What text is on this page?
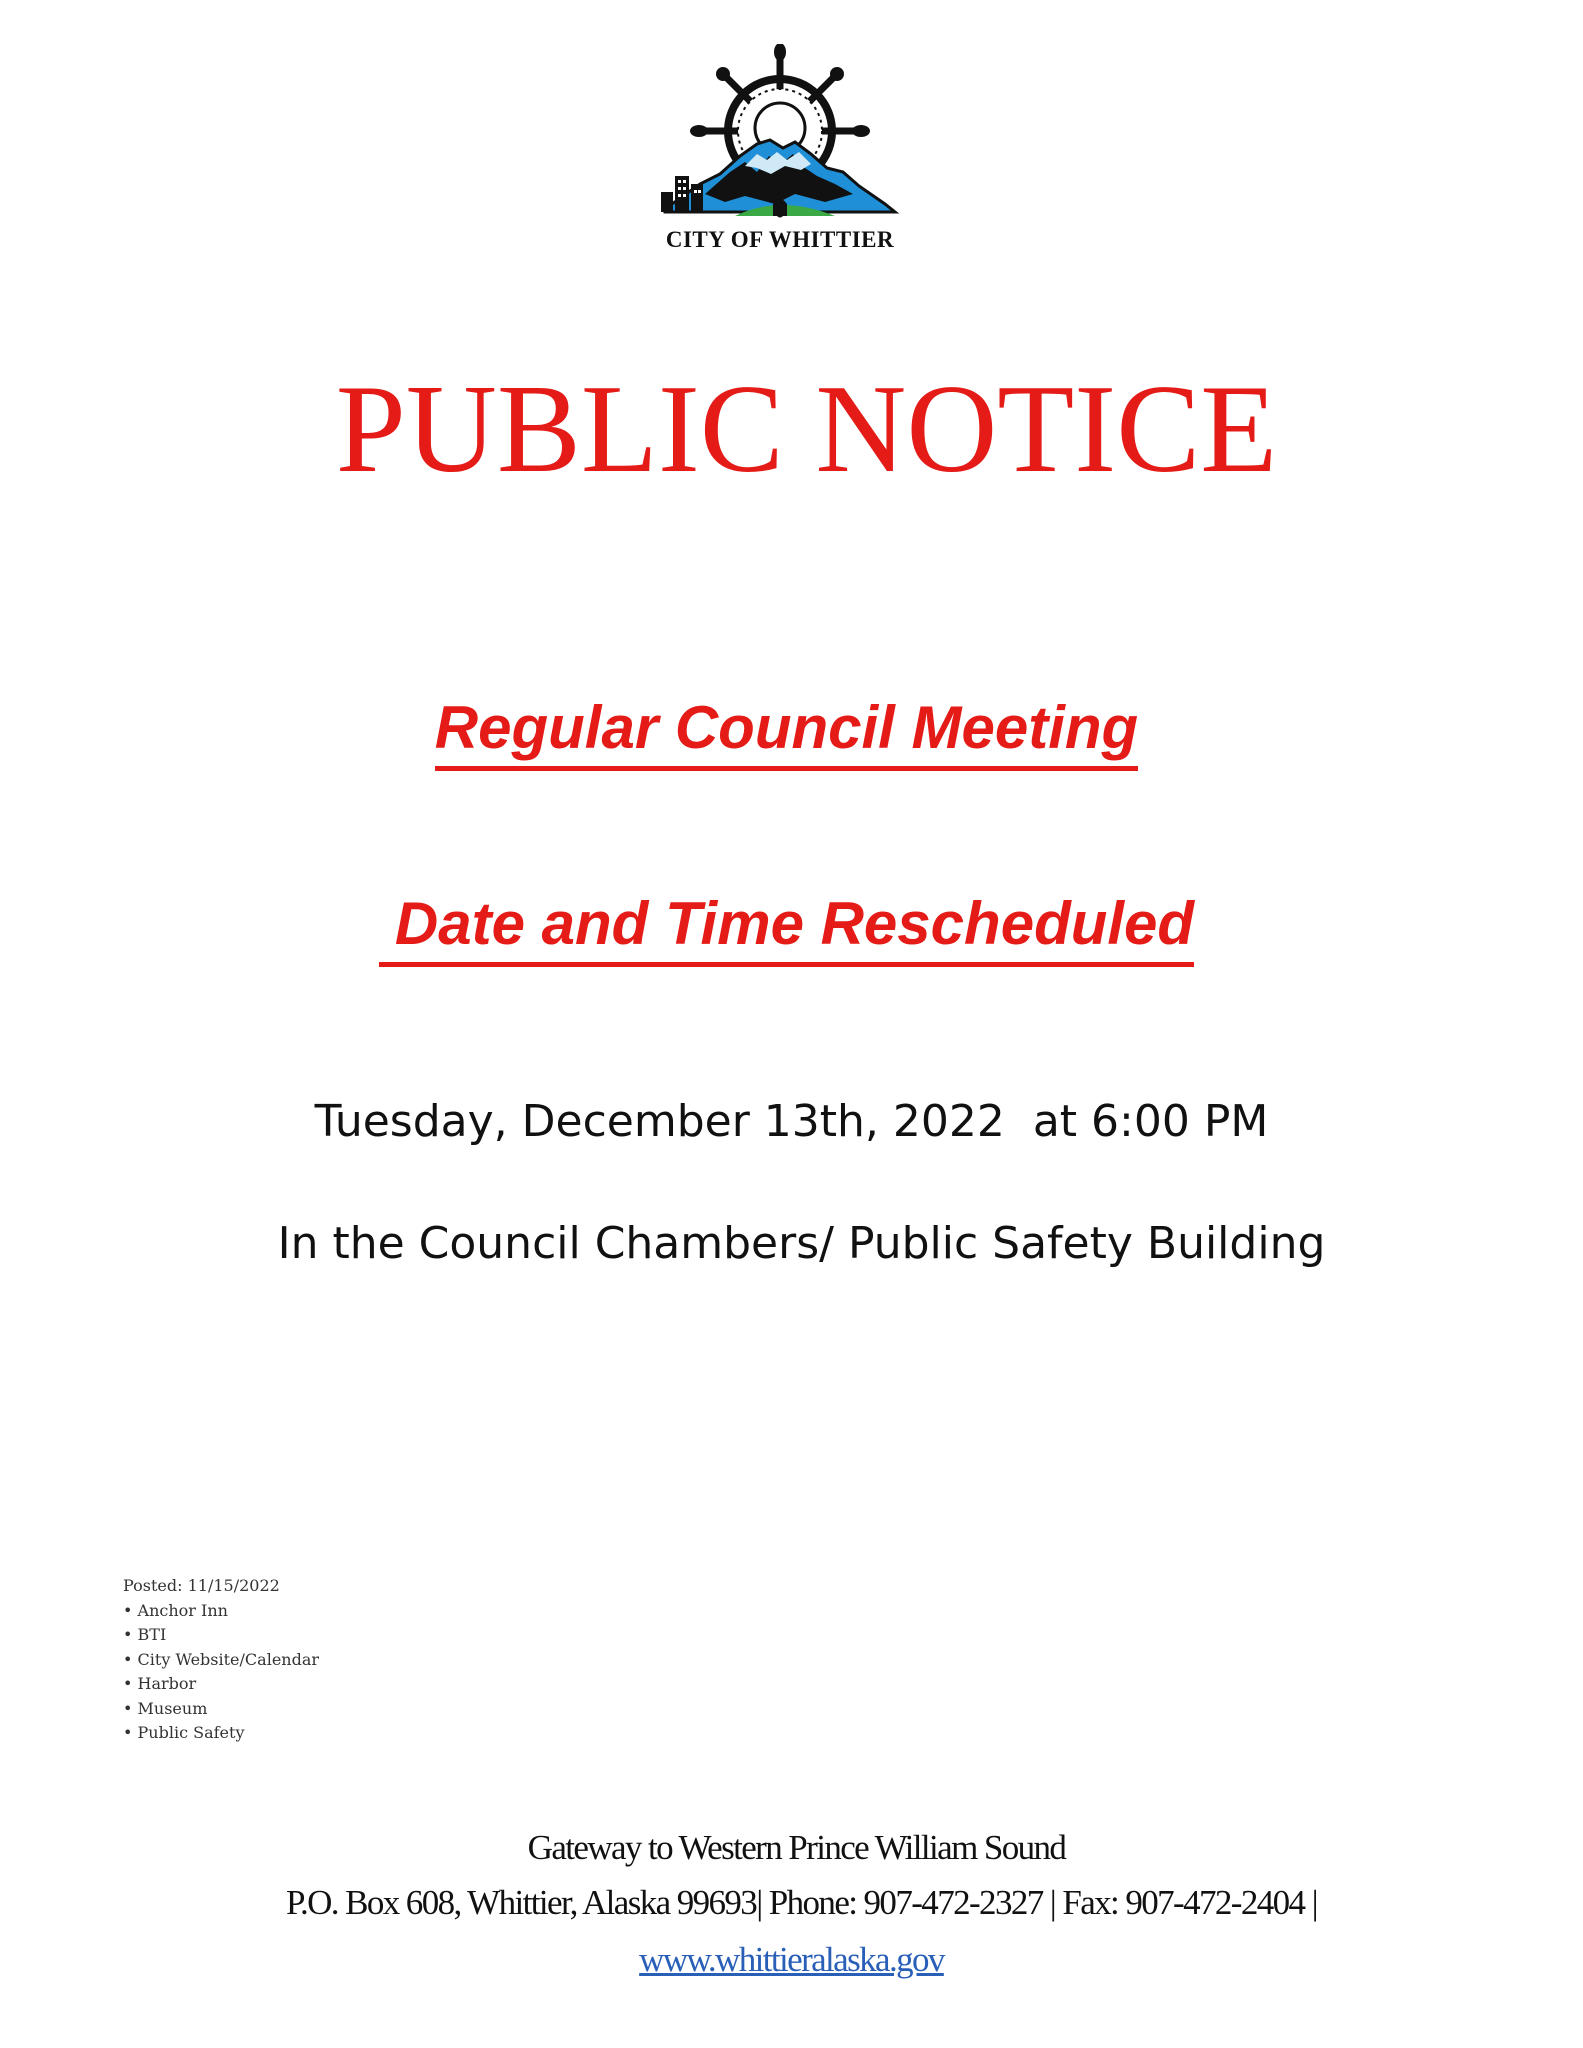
CITY OF WHITTIER
PUBLIC NOTICE
Regular Council Meeting
Date and Time Rescheduled
Tuesday, December 13th, 2022  at 6:00 PM
In the Council Chambers/ Public Safety Building
Posted: 11/15/2022
• Anchor Inn
• BTI
• City Website/Calendar
• Harbor
• Museum
• Public Safety
Gateway to Western Prince William Sound
P.O. Box 608, Whittier, Alaska 99693| Phone: 907-472-2327 | Fax: 907-472-2404 |
www.whittieralaska.gov
